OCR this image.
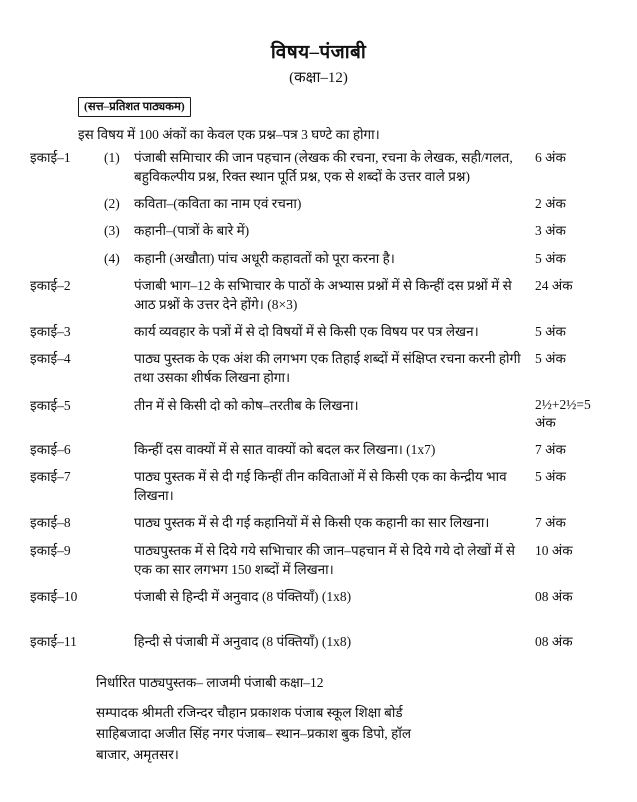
विषय–पंजाबी
(कक्षा–12)
(सत्त–प्रतिशत पाठ्यकम)
इस विषय में 100 अंकों का केवल एक प्रश्न–पत्र 3 घण्टे का होगा।
इकाई–1	(1)	पंजाबी समिाचार की जान पहचान (लेखक की रचना, रचना के लेखक, सही/गलत, बहुविकल्पीय प्रश्न, रिक्त स्थान पूर्ति प्रश्न, एक से शब्दों के उत्तर वाले प्रश्न)	6 अंक
	(2)	कविता–(कविता का नाम एवं रचना)	2 अंक
	(3)	कहानी–(पात्रों के बारे में)	3 अंक
	(4)	कहानी (अखौता) पांच अधूरी कहावतों को पूरा करना है।	5 अंक
इकाई–2		पंजाबी भाग–12 के सभिाचार के पाठों के अभ्यास प्रश्नों में से किन्हीं दस प्रश्नों में से आठ प्रश्नों के उत्तर देने होंगे। (8×3)	24 अंक
इकाई–3		कार्य व्यवहार के पत्रों में से दो विषयों में से किसी एक विषय पर पत्र लेखन।	5 अंक
इकाई–4		पाठ्य पुस्तक के एक अंश की लगभग एक तिहाई शब्दों में संक्षिप्त रचना करनी होगी तथा उसका शीर्षक लिखना होगा।	5 अंक
इकाई–5		तीन में से किसी दो को कोष–तरतीब के लिखना।	2½+2½=5 अंक
इकाई–6		किन्हीं दस वाक्यों में से सात वाक्यों को बदल कर लिखना। (1x7)	7 अंक
इकाई–7		पाठ्य पुस्तक में से दी गई किन्हीं तीन कविताओं में से किसी एक का केन्द्रीय भाव लिखना।	5 अंक
इकाई–8		पाठ्य पुस्तक में से दी गई कहानियों में से किसी एक कहानी का सार लिखना।	7 अंक
इकाई–9		पाठ्यपुस्तक में से दिये गये सभिाचार की जान–पहचान में से दिये गये दो लेखों में से एक का सार लगभग 150 शब्दों में लिखना।	10 अंक
इकाई–10		पंजाबी से हिन्दी में अनुवाद (8 पंक्तियाँ) (1x8)	08 अंक
इकाई–11		हिन्दी से पंजाबी में अनुवाद (8 पंक्तियाँ) (1x8)	08 अंक
निर्धारित पाठ्यपुस्तक– लाजमी पंजाबी कक्षा–12
सम्पादक श्रीमती रजिन्दर चौहान प्रकाशक पंजाब स्कूल शिक्षा बोर्ड
साहिबजादा अजीत सिंह नगर पंजाब– स्थान–प्रकाश बुक डिपो, हॉल
बाजार, अमृतसर।
